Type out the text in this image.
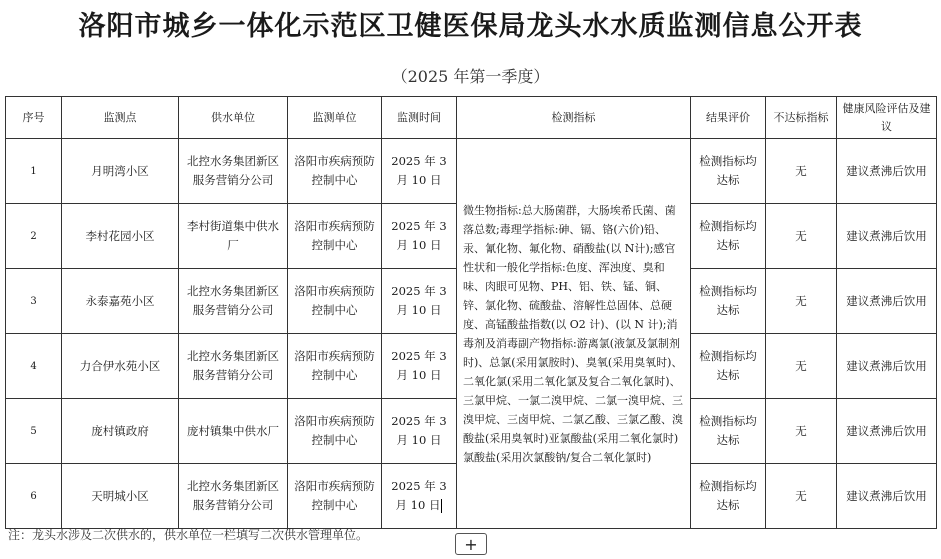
洛阳市城乡一体化示范区卫健医保局龙头水水质监测信息公开表
（2025 年第一季度）
序号	监测点	供水单位	监测单位	监测时间	检测指标	结果评价	不达标指标	健康风险评估及建议
1	月明湾小区	北控水务集团新区服务营销分公司	洛阳市疾病预防控制中心	2025 年 3 月 10 日	微生物指标:总大肠菌群，大肠埃希氏菌、菌落总数;毒理学指标:砷、镉、铬(六价)铅、汞、氰化物、氟化物、硝酸盐(以 N计);感官性状和一般化学指标:色度、浑浊度、臭和味、肉眼可见物、PH、铝、铁、锰、铜、锌、氯化物、硫酸盐、溶解性总固体、总硬度、高锰酸盐指数(以 O2 计)、(以 N 计);消毒剂及消毒副产物指标:游离氯(液氯及氯制剂时)、总氯(采用氯胺时)、臭氧(采用臭氧时)、二氧化氯(采用二氧化氯及复合二氧化氯时)、三氯甲烷、一氯二溴甲烷、二氯一溴甲烷、三溴甲烷、三卤甲烷、二氯乙酸、三氯乙酸、溴酸盐(采用臭氧时)亚氯酸盐(采用二氧化氯时)氯酸盐(采用次氯酸钠/复合二氧化氯时)	检测指标均达标	无	建议煮沸后饮用
2	李村花园小区	李村街道集中供水厂	洛阳市疾病预防控制中心	2025 年 3 月 10 日		检测指标均达标	无	建议煮沸后饮用
3	永泰嘉苑小区	北控水务集团新区服务营销分公司	洛阳市疾病预防控制中心	2025 年 3 月 10 日		检测指标均达标	无	建议煮沸后饮用
4	力合伊水苑小区	北控水务集团新区服务营销分公司	洛阳市疾病预防控制中心	2025 年 3 月 10 日		检测指标均达标	无	建议煮沸后饮用
5	庞村镇政府	庞村镇集中供水厂	洛阳市疾病预防控制中心	2025 年 3 月 10 日		检测指标均达标	无	建议煮沸后饮用
6	天明城小区	北控水务集团新区服务营销分公司	洛阳市疾病预防控制中心	2025 年 3 月 10 日		检测指标均达标	无	建议煮沸后饮用
注：龙头水涉及二次供水的，供水单位一栏填写二次供水管理单位。	+
